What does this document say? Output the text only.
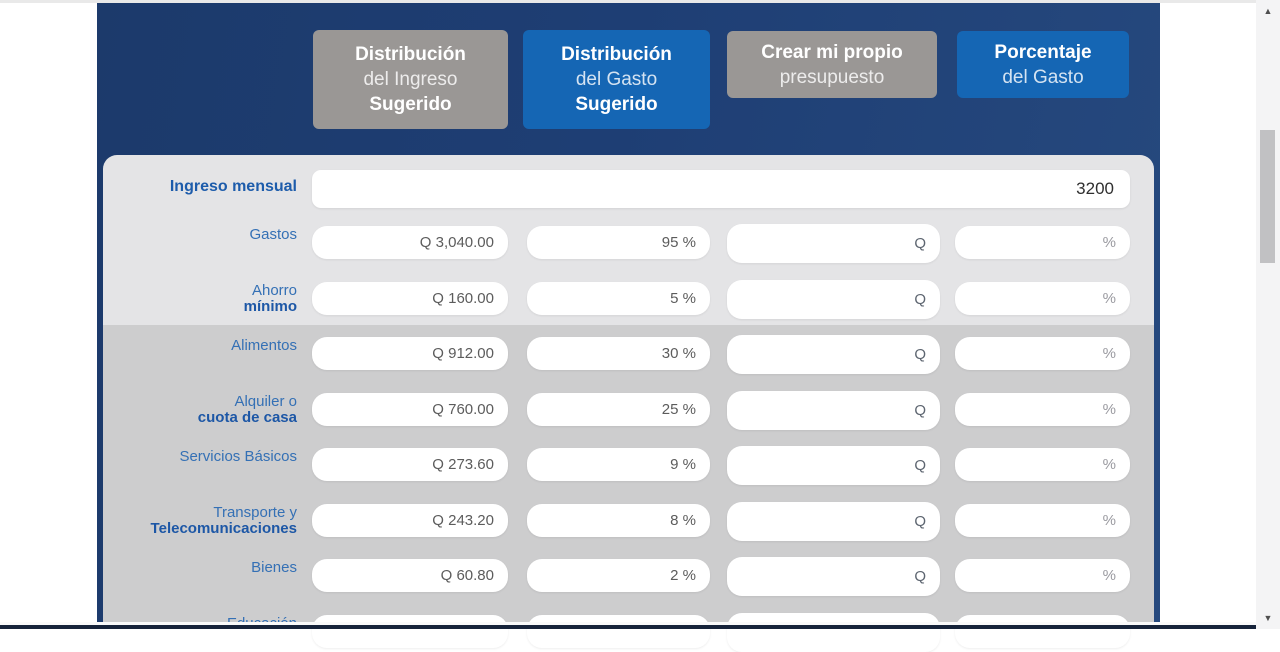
Distribución
del Ingreso
Sugerido
Distribución
del Gasto
Sugerido
Crear mi propio
presupuesto
Porcentaje
del Gasto
Ingreso mensual
3200
Gastos
Q 3,040.00
95 %
Q
%
Ahorro
mínimo
Q 160.00
5 %
Q
%
Alimentos
Q 912.00
30 %
Q
%
Alquiler o
cuota de casa
Q 760.00
25 %
Q
%
Servicios Básicos
Q 273.60
9 %
Q
%
Transporte y
Telecomunicaciones
Q 243.20
8 %
Q
%
Bienes
Q 60.80
2 %
Q
%
▲
▼
